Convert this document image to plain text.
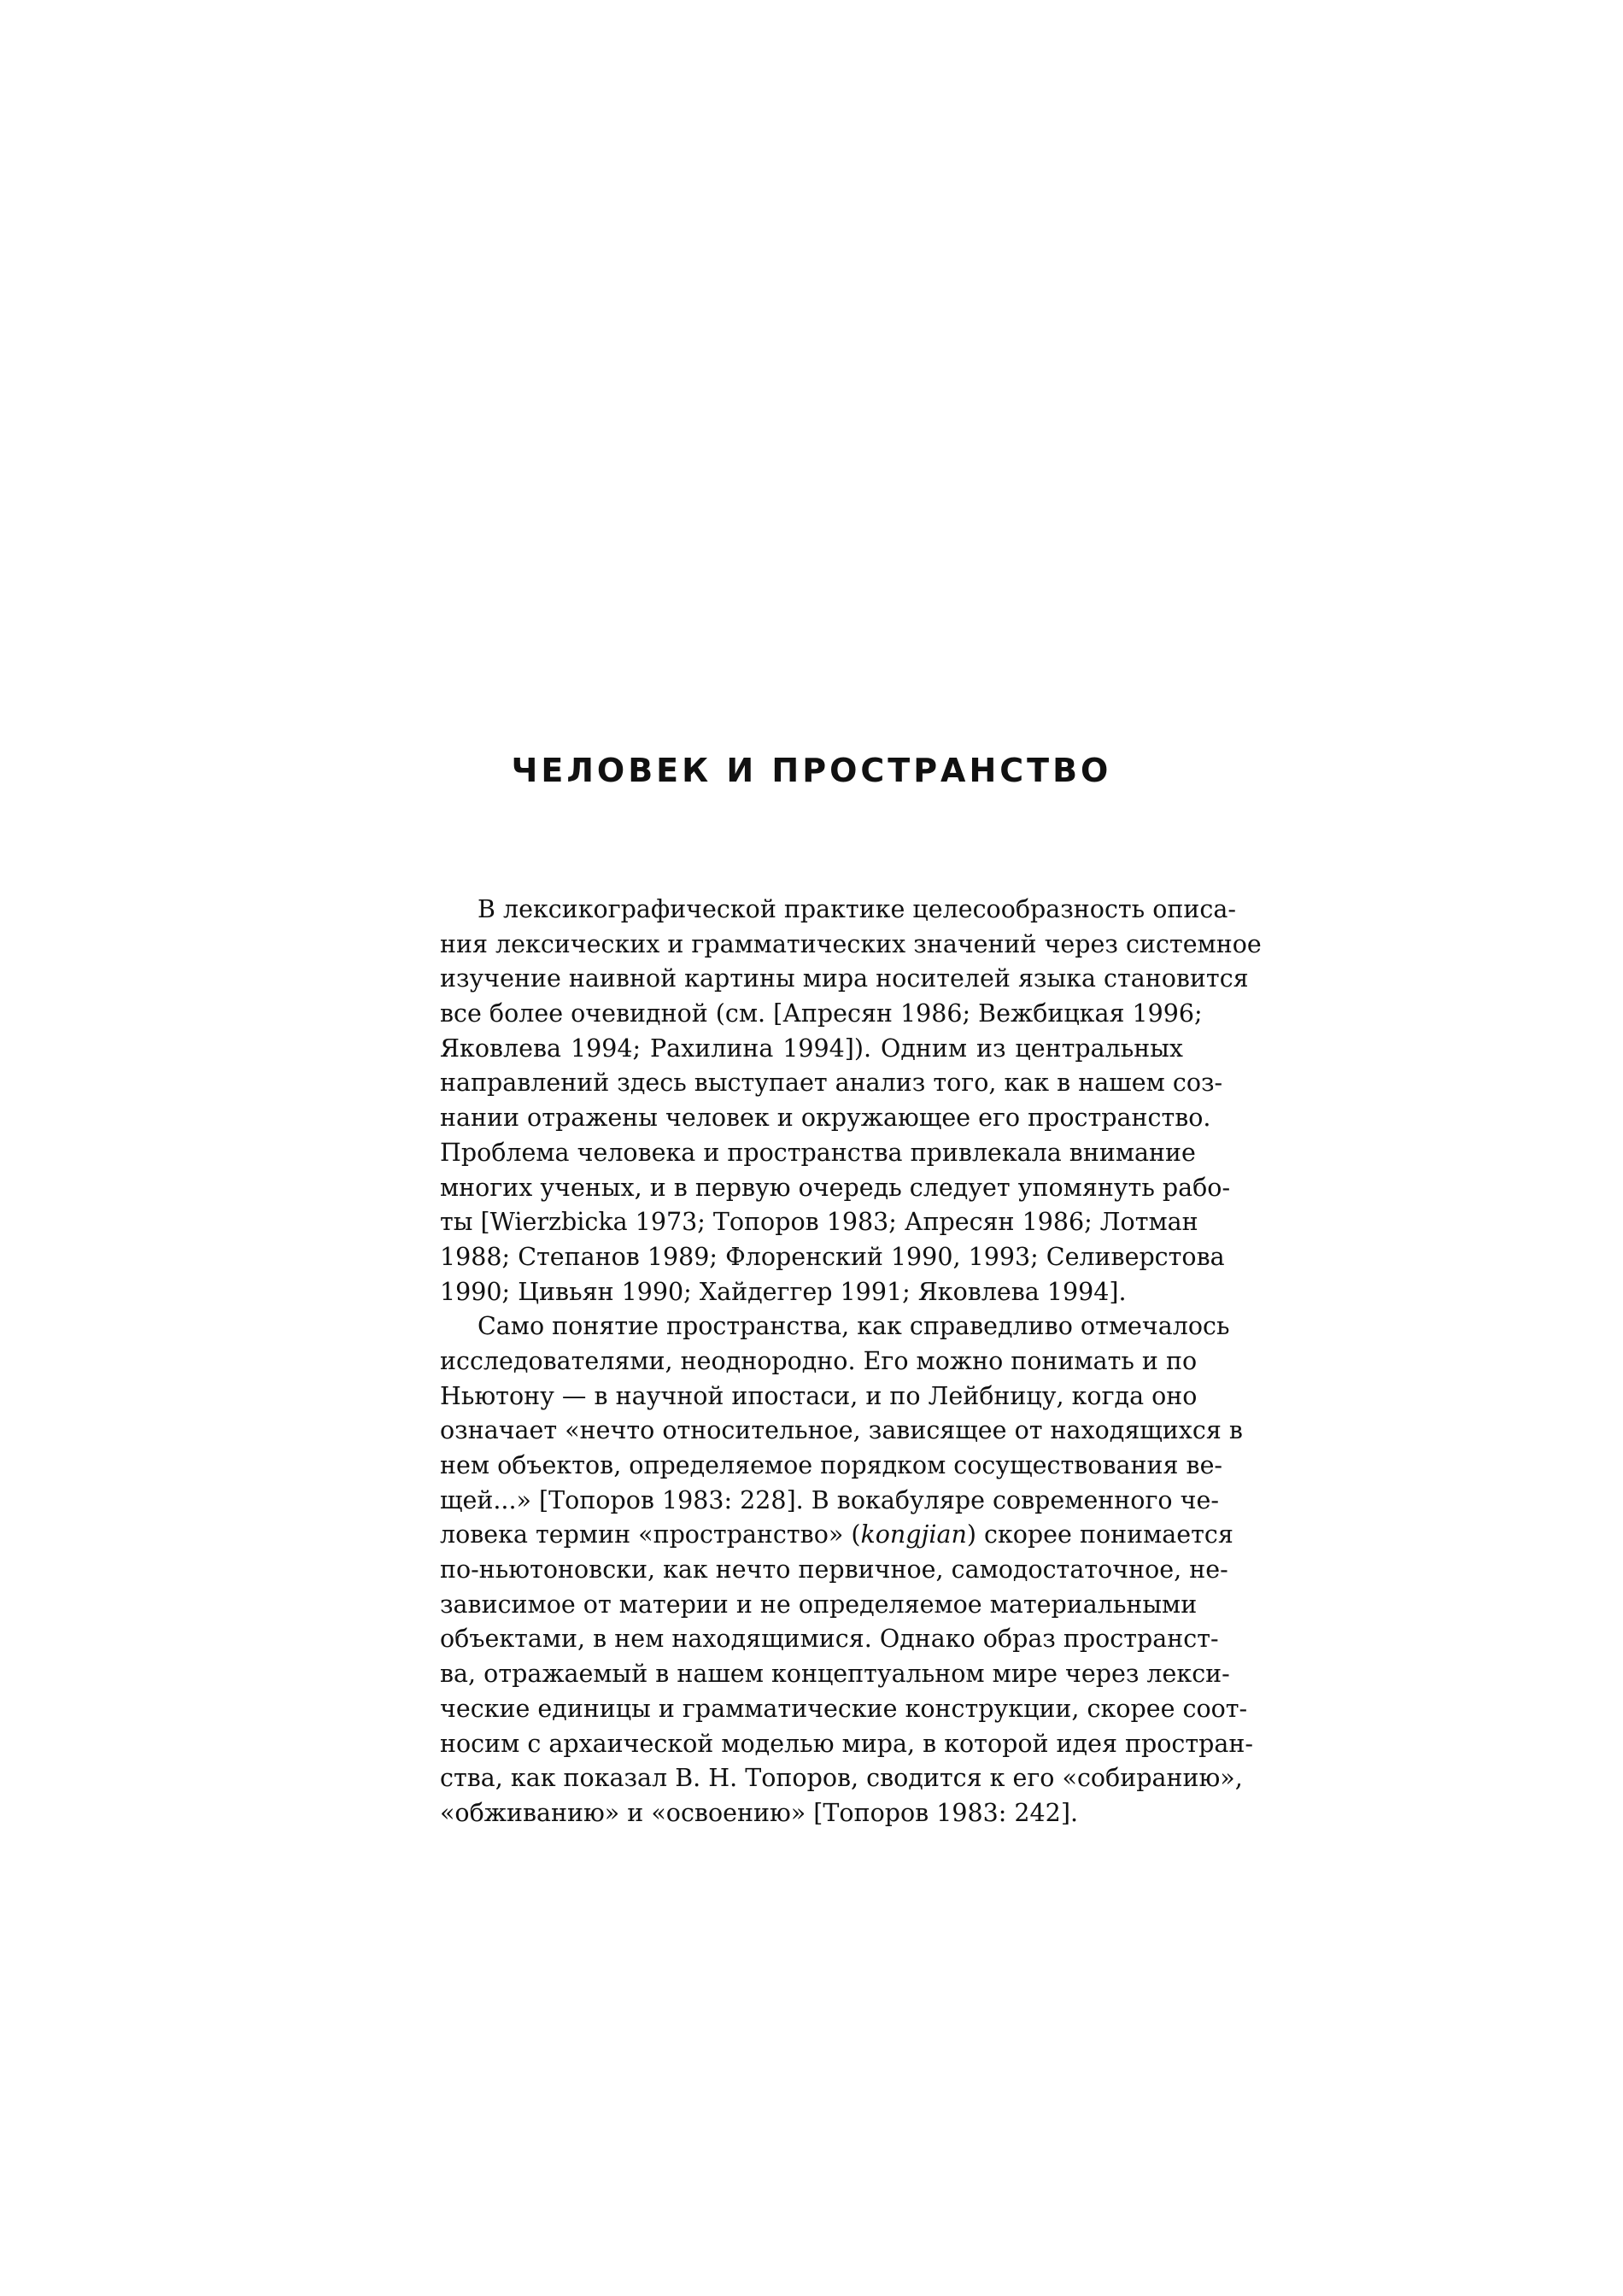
ЧЕЛОВЕК И ПРОСТРАНСТВО
В лексикографической практике целесообразность описа-
ния лексических и грамматических значений через системное
изучение наивной картины мира носителей языка становится
все более очевидной (см. [Апресян 1986; Вежбицкая 1996;
Яковлева 1994; Рахилина 1994]). Одним из центральных
направлений здесь выступает анализ того, как в нашем соз-
нании отражены человек и окружающее его пространство.
Проблема человека и пространства привлекала внимание
многих ученых, и в первую очередь следует упомянуть рабо-
ты [Wierzbicka 1973; Топоров 1983; Апресян 1986; Лотман
1988; Степанов 1989; Флоренский 1990, 1993; Селиверстова
1990; Цивьян 1990; Хайдеггер 1991; Яковлева 1994].
Само понятие пространства, как справедливо отмечалось
исследователями, неоднородно. Его можно понимать и по
Ньютону — в научной ипостаси, и по Лейбницу, когда оно
означает «нечто относительное, зависящее от находящихся в
нем объектов, определяемое порядком сосуществования ве-
щей...» [Топоров 1983: 228]. В вокабуляре современного че-
ловека термин «пространство» (kongjian) скорее понимается
по-ньютоновски, как нечто первичное, самодостаточное, не-
зависимое от материи и не определяемое материальными
объектами, в нем находящимися. Однако образ пространст-
ва, отражаемый в нашем концептуальном мире через лекси-
ческие единицы и грамматические конструкции, скорее соот-
носим с архаической моделью мира, в которой идея простран-
ства, как показал В. Н. Топоров, сводится к его «собиранию»,
«обживанию» и «освоению» [Топоров 1983: 242].
